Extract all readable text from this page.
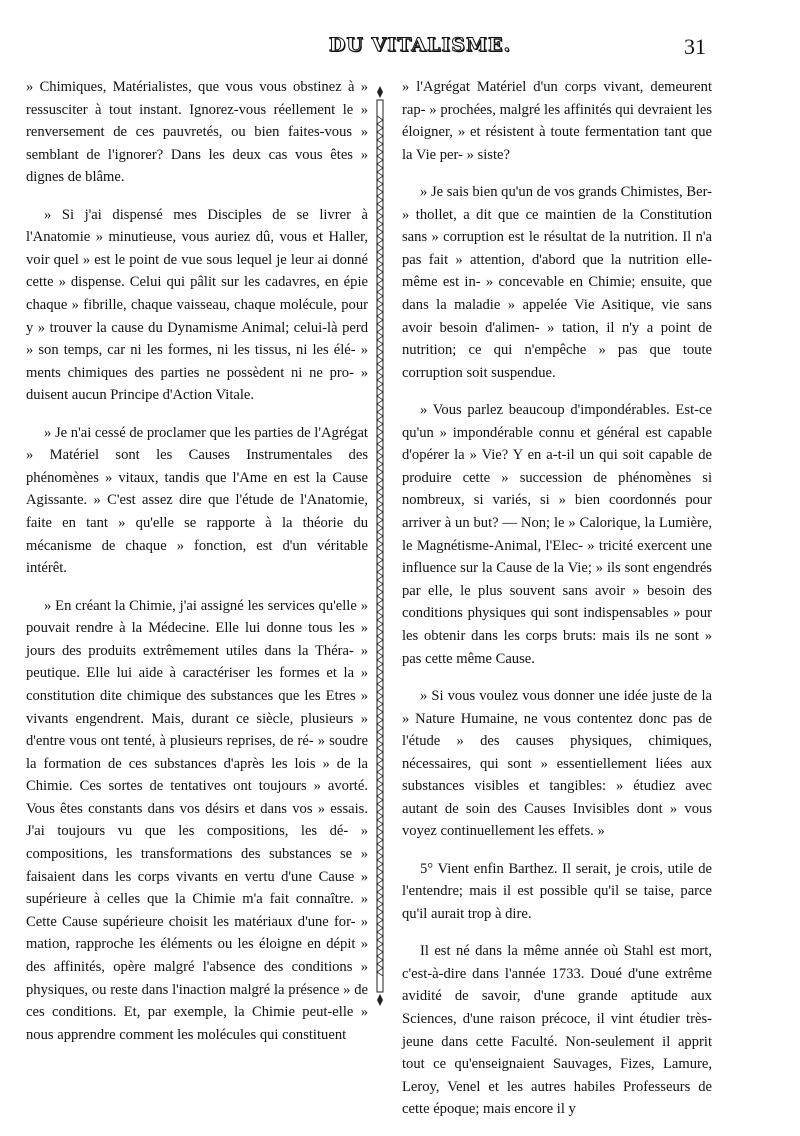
DU VITALISME.	31

» Chimiques, Matérialistes, que vous vous obstinez à » ressusciter à tout instant. Ignorez-vous réellement le » renversement de ces pauvretés, ou bien faites-vous » semblant de l'ignorer? Dans les deux cas vous êtes » dignes de blâme.

» Si j'ai dispensé mes Disciples de se livrer à l'Anatomie » minutieuse, vous auriez dû, vous et Haller, voir quel » est le point de vue sous lequel je leur ai donné cette » dispense. Celui qui pâlit sur les cadavres, en épie chaque » fibrille, chaque vaisseau, chaque molécule, pour y » trouver la cause du Dynamisme Animal; celui-là perd » son temps, car ni les formes, ni les tissus, ni les élé- » ments chimiques des parties ne possèdent ni ne pro- » duisent aucun Principe d'Action Vitale.

» Je n'ai cessé de proclamer que les parties de l'Agrégat » Matériel sont les Causes Instrumentales des phénomènes » vitaux, tandis que l'Ame en est la Cause Agissante. » C'est assez dire que l'étude de l'Anatomie, faite en tant » qu'elle se rapporte à la théorie du mécanisme de chaque » fonction, est d'un véritable intérêt.

» En créant la Chimie, j'ai assigné les services qu'elle » pouvait rendre à la Médecine. Elle lui donne tous les » jours des produits extrêmement utiles dans la Théra- » peutique. Elle lui aide à caractériser les formes et la » constitution dite chimique des substances que les Etres » vivants engendrent. Mais, durant ce siècle, plusieurs » d'entre vous ont tenté, à plusieurs reprises, de ré- » soudre la formation de ces substances d'après les lois » de la Chimie. Ces sortes de tentatives ont toujours » avorté. Vous êtes constants dans vos désirs et dans vos » essais. J'ai toujours vu que les compositions, les dé- » compositions, les transformations des substances se » faisaient dans les corps vivants en vertu d'une Cause » supérieure à celles que la Chimie m'a fait connaître. » Cette Cause supérieure choisit les matériaux d'une for- » mation, rapproche les éléments ou les éloigne en dépit » des affinités, opère malgré l'absence des conditions » physiques, ou reste dans l'inaction malgré la présence » de ces conditions. Et, par exemple, la Chimie peut-elle » nous apprendre comment les molécules qui constituent

» l'Agrégat Matériel d'un corps vivant, demeurent rap- » prochées, malgré les affinités qui devraient les éloigner, » et résistent à toute fermentation tant que la Vie per- » siste?

» Je sais bien qu'un de vos grands Chimistes, Ber- » thollet, a dit que ce maintien de la Constitution sans » corruption est le résultat de la nutrition. Il n'a pas fait » attention, d'abord que la nutrition elle-même est in- » concevable en Chimie; ensuite, que dans la maladie » appelée Vie Asitique, vie sans avoir besoin d'alimen- » tation, il n'y a point de nutrition; ce qui n'empêche » pas que toute corruption soit suspendue.

» Vous parlez beaucoup d'impondérables. Est-ce qu'un » impondérable connu et général est capable d'opérer la » Vie? Y en a-t-il un qui soit capable de produire cette » succession de phénomènes si nombreux, si variés, si » bien coordonnés pour arriver à un but? — Non; le » Calorique, la Lumière, le Magnétisme-Animal, l'Elec- » tricité exercent une influence sur la Cause de la Vie; » ils sont engendrés par elle, le plus souvent sans avoir » besoin des conditions physiques qui sont indispensables » pour les obtenir dans les corps bruts: mais ils ne sont » pas cette même Cause.

» Si vous voulez vous donner une idée juste de la » Nature Humaine, ne vous contentez donc pas de l'étude » des causes physiques, chimiques, nécessaires, qui sont » essentiellement liées aux substances visibles et tangibles: » étudiez avec autant de soin des Causes Invisibles dont » vous voyez continuellement les effets. »

5° Vient enfin Barthez. Il serait, je crois, utile de l'entendre; mais il est possible qu'il se taise, parce qu'il aurait trop à dire.

Il est né dans la même année où Stahl est mort, c'est-à-dire dans l'année 1733. Doué d'une extrême avidité de savoir, d'une grande aptitude aux Sciences, d'une raison précoce, il vint étudier très-jeune dans cette Faculté. Non-seulement il apprit tout ce qu'enseignaient Sauvages, Fizes, Lamure, Leroy, Venel et les autres habiles Professeurs de cette époque; mais encore il y
